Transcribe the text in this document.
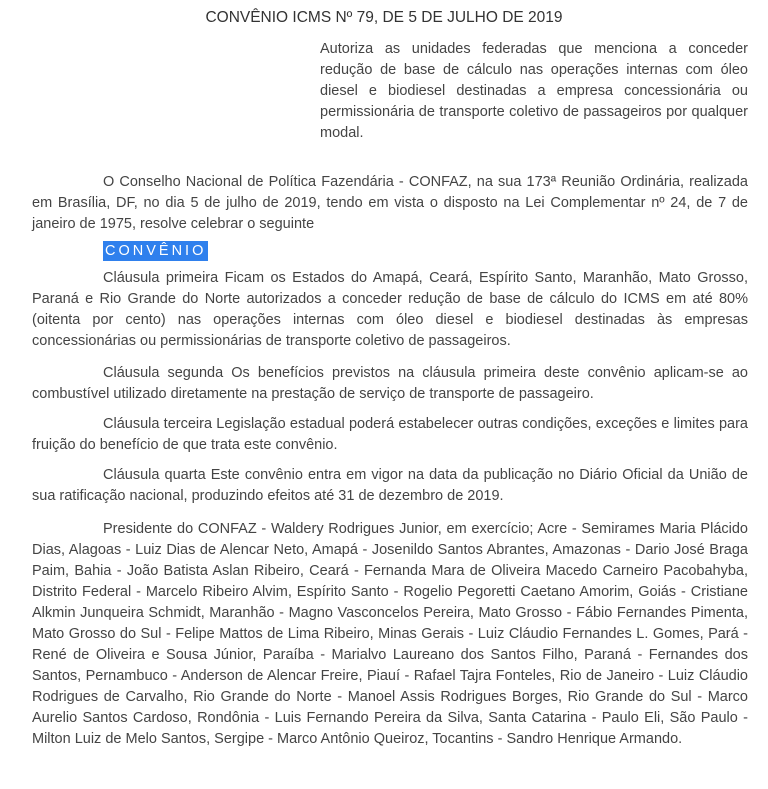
CONVÊNIO ICMS Nº 79, DE 5 DE JULHO DE 2019
Autoriza as unidades federadas que menciona a conceder redução de base de cálculo nas operações internas com óleo diesel e biodiesel destinadas a empresa concessionária ou permissionária de transporte coletivo de passageiros por qualquer modal.
O Conselho Nacional de Política Fazendária - CONFAZ, na sua 173ª Reunião Ordinária, realizada em Brasília, DF, no dia 5 de julho de 2019, tendo em vista o disposto na Lei Complementar nº 24, de 7 de janeiro de 1975, resolve celebrar o seguinte
CONVÊNIO
Cláusula primeira Ficam os Estados do Amapá, Ceará, Espírito Santo, Maranhão, Mato Grosso, Paraná e Rio Grande do Norte autorizados a conceder redução de base de cálculo do ICMS em até 80% (oitenta por cento) nas operações internas com óleo diesel e biodiesel destinadas às empresas concessionárias ou permissionárias de transporte coletivo de passageiros.
Cláusula segunda Os benefícios previstos na cláusula primeira deste convênio aplicam-se ao combustível utilizado diretamente na prestação de serviço de transporte de passageiro.
Cláusula terceira Legislação estadual poderá estabelecer outras condições, exceções e limites para fruição do benefício de que trata este convênio.
Cláusula quarta Este convênio entra em vigor na data da publicação no Diário Oficial da União de sua ratificação nacional, produzindo efeitos até 31 de dezembro de 2019.
Presidente do CONFAZ - Waldery Rodrigues Junior, em exercício; Acre - Semirames Maria Plácido Dias, Alagoas - Luiz Dias de Alencar Neto, Amapá - Josenildo Santos Abrantes, Amazonas - Dario José Braga Paim, Bahia - João Batista Aslan Ribeiro, Ceará - Fernanda Mara de Oliveira Macedo Carneiro Pacobahyba, Distrito Federal - Marcelo Ribeiro Alvim, Espírito Santo - Rogelio Pegoretti Caetano Amorim, Goiás - Cristiane Alkmin Junqueira Schmidt, Maranhão - Magno Vasconcelos Pereira, Mato Grosso - Fábio Fernandes Pimenta, Mato Grosso do Sul - Felipe Mattos de Lima Ribeiro, Minas Gerais - Luiz Cláudio Fernandes L. Gomes, Pará - René de Oliveira e Sousa Júnior, Paraíba - Marialvo Laureano dos Santos Filho, Paraná - Fernandes dos Santos, Pernambuco - Anderson de Alencar Freire, Piauí - Rafael Tajra Fonteles, Rio de Janeiro - Luiz Cláudio Rodrigues de Carvalho, Rio Grande do Norte - Manoel Assis Rodrigues Borges, Rio Grande do Sul - Marco Aurelio Santos Cardoso, Rondônia - Luis Fernando Pereira da Silva, Santa Catarina - Paulo Eli, São Paulo - Milton Luiz de Melo Santos, Sergipe - Marco Antônio Queiroz, Tocantins - Sandro Henrique Armando.
